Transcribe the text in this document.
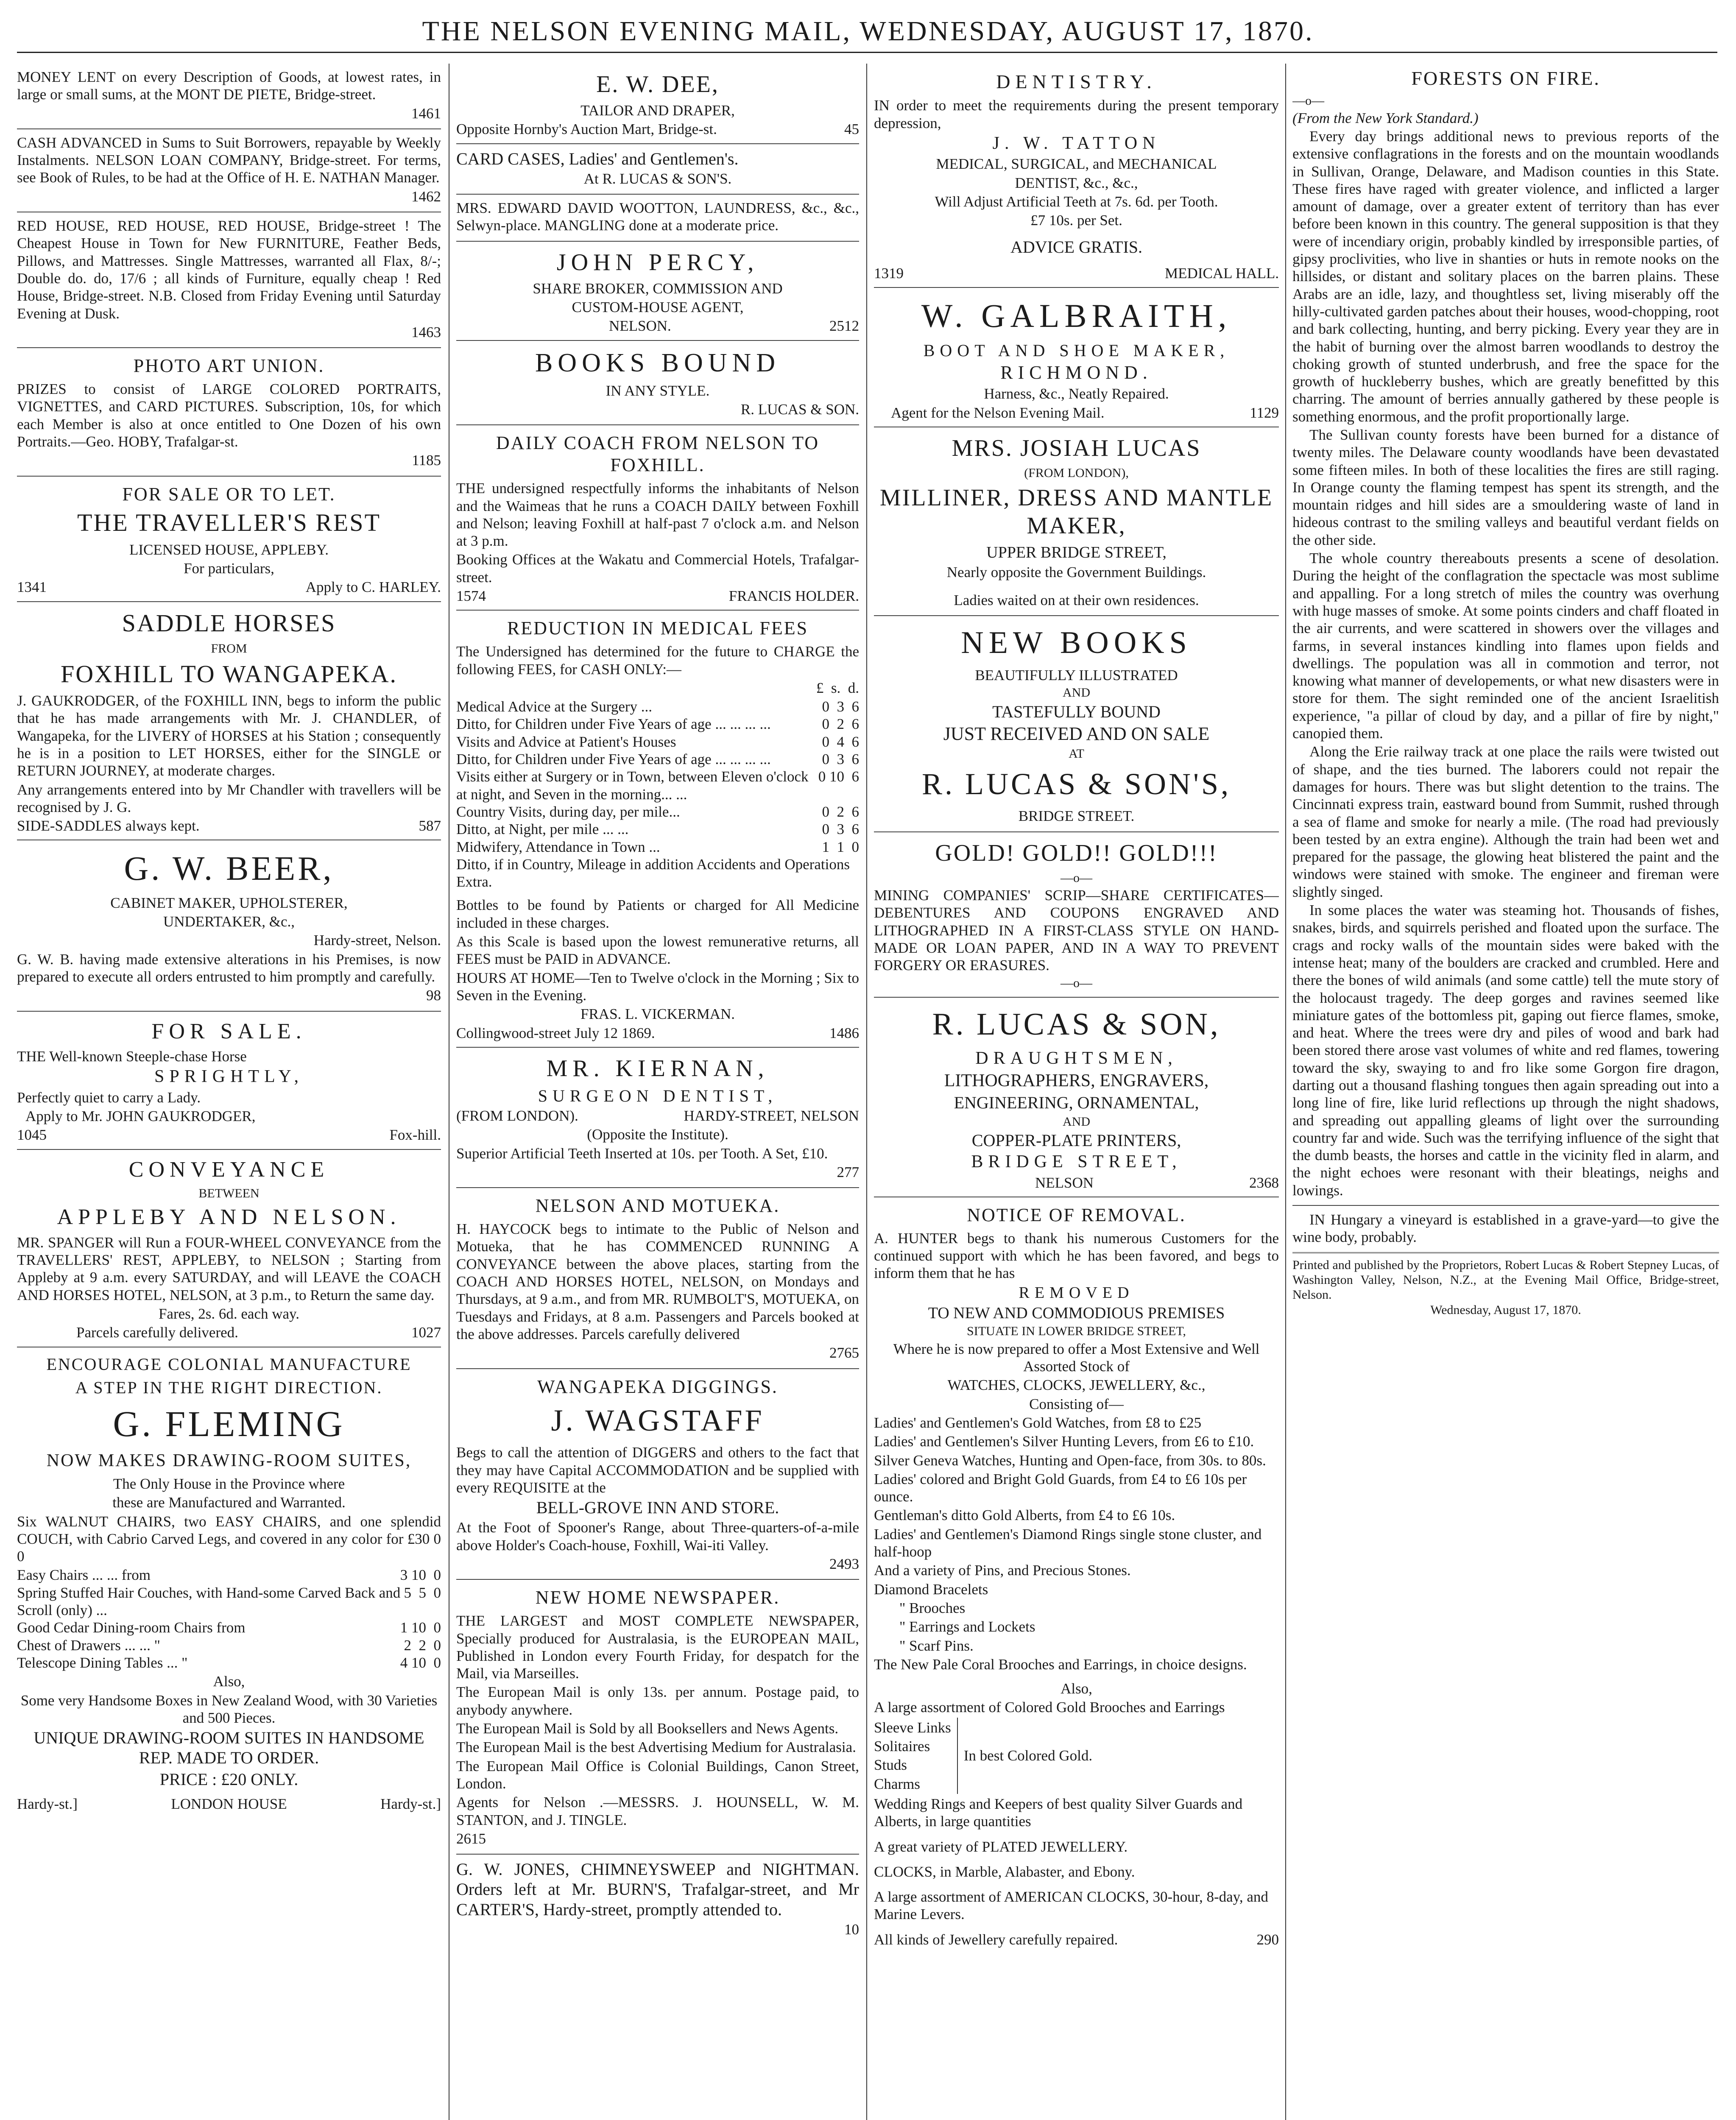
THE NELSON EVENING MAIL, WEDNESDAY, AUGUST 17, 1870.

MONEY LENT on every Description of Goods, at lowest rates, in large or small sums, at the MONT DE PIETE, Bridge-street.

1461

CASH ADVANCED in Sums to Suit Borrowers, repayable by Weekly Instalments. NELSON LOAN COMPANY, Bridge-street. For terms, see Book of Rules, to be had at the Office of H. E. NATHAN Manager.

1462

RED HOUSE, RED HOUSE, RED HOUSE, Bridge-street ! The Cheapest House in Town for New FURNITURE, Feather Beds, Pillows, and Mattresses. Single Mattresses, warranted all Flax, 8/-; Double do. do, 17/6 ; all kinds of Furniture, equally cheap ! Red House, Bridge-street. N.B. Closed from Friday Evening until Saturday Evening at Dusk.

1463

PHOTO ART UNION.

PRIZES to consist of LARGE COLORED PORTRAITS, VIGNETTES, and CARD PICTURES. Subscription, 10s, for which each Member is also at once entitled to One Dozen of his own Portraits.—Geo. HOBY, Trafalgar-st.

1185

FOR SALE OR TO LET.
THE TRAVELLER'S REST

LICENSED HOUSE, APPLEBY.

For particulars,

1341	Apply to C. HARLEY.
SADDLE HORSES

FROM

FOXHILL TO WANGAPEKA.

J. GAUKRODGER, of the FOXHILL INN, begs to inform the public that he has made arrangements with Mr. J. CHANDLER, of Wangapeka, for the LIVERY of HORSES at his Station ; consequently he is in a position to LET HORSES, either for the SINGLE or RETURN JOURNEY, at moderate charges.

Any arrangements entered into by Mr Chandler with travellers will be recognised by J. G.

SIDE-SADDLES always kept.	587
G. W. BEER,

CABINET MAKER, UPHOLSTERER,

UNDERTAKER, &c.,

Hardy-street, Nelson.

G. W. B. having made extensive alterations in his Premises, is now prepared to execute all orders entrusted to him promptly and carefully.

98

FOR SALE.

THE Well-known Steeple-chase Horse

SPRIGHTLY,

Perfectly quiet to carry a Lady.

Apply to Mr. JOHN GAUKRODGER,

1045	Fox-hill.
CONVEYANCE

BETWEEN

APPLEBY AND NELSON.

MR. SPANGER will Run a FOUR-WHEEL CONVEYANCE from the TRAVELLERS' REST, APPLEBY, to NELSON ; Starting from Appleby at 9 a.m. every SATURDAY, and will LEAVE the COACH AND HORSES HOTEL, NELSON, at 3 p.m., to Return the same day.

Fares, 2s. 6d. each way.

Parcels carefully delivered.	1027
ENCOURAGE COLONIAL MANUFACTURE
A STEP IN THE RIGHT DIRECTION.
G. FLEMING
NOW MAKES DRAWING-ROOM SUITES,

The Only House in the Province where

these are Manufactured and Warranted.

Six WALNUT CHAIRS, two EASY CHAIRS, and one splendid COUCH, with Cabrio Carved Legs, and covered in any color for £30 0 0

Easy Chairs ... ... from	3 10  0
Spring Stuffed Hair Couches, with Hand-some Carved Back and Scroll (only) ...
5  5  0
Good Cedar Dining-room Chairs from	1 10  0
Chest of Drawers ... ... "	2  2  0
Telescope Dining Tables ... "	4 10  0

Also,

Some very Handsome Boxes in New Zealand Wood, with 30 Varieties and 500 Pieces.

UNIQUE DRAWING-ROOM SUITES IN HANDSOME REP. MADE TO ORDER.

PRICE : £20 ONLY.

Hardy-st.]	LONDON HOUSE	Hardy-st.]
E. W. DEE,

TAILOR AND DRAPER,

Opposite Hornby's Auction Mart, Bridge-st.	45

CARD CASES, Ladies' and Gentlemen's.

At R. LUCAS & SON'S.

MRS. EDWARD DAVID WOOTTON, LAUNDRESS, &c., &c., Selwyn-place. MANGLING done at a moderate price.

JOHN PERCY,

SHARE BROKER, COMMISSION AND

CUSTOM-HOUSE AGENT,

NELSON.	2512
BOOKS BOUND

IN ANY STYLE.

R. LUCAS & SON.

DAILY COACH FROM NELSON TO FOXHILL.

THE undersigned respectfully informs the inhabitants of Nelson and the Waimeas that he runs a COACH DAILY between Foxhill and Nelson; leaving Foxhill at half-past 7 o'clock a.m. and Nelson at 3 p.m.

Booking Offices at the Wakatu and Commercial Hotels, Trafalgar-street.

1574	FRANCIS HOLDER.
REDUCTION IN MEDICAL FEES

The Undersigned has determined for the future to CHARGE the following FEES, for CASH ONLY:—

£  s.  d.

Medical Advice at the Surgery ...	0  3  6
Ditto, for Children under Five Years of age ... ... ... ...	0  2  6
Visits and Advice at Patient's Houses	0  4  6
Ditto, for Children under Five Years of age ... ... ... ...	0  3  6
Visits either at Surgery or in Town, between Eleven o'clock at night, and Seven in the morning... ...
0 10  6
Country Visits, during day, per mile...	0  2  6
Ditto, at Night, per mile ... ...	0  3  6
Midwifery, Attendance in Town ...	1  1  0
Ditto, if in Country, Mileage in addition Accidents and Operations Extra.

Bottles to be found by Patients or charged for All Medicine included in these charges.

As this Scale is based upon the lowest remunerative returns, all FEES must be PAID in ADVANCE.

HOURS AT HOME—Ten to Twelve o'clock in the Morning ; Six to Seven in the Evening.

FRAS. L. VICKERMAN.

Collingwood-street July 12 1869.	1486
MR. KIERNAN,

SURGEON DENTIST,

(FROM LONDON).	HARDY-STREET, NELSON

(Opposite the Institute).

Superior Artificial Teeth Inserted at 10s. per Tooth. A Set, £10.

277

NELSON AND MOTUEKA.

H. HAYCOCK begs to intimate to the Public of Nelson and Motueka, that he has COMMENCED RUNNING A CONVEYANCE between the above places, starting from the COACH AND HORSES HOTEL, NELSON, on Mondays and Thursdays, at 9 a.m., and from MR. RUMBOLT'S, MOTUEKA, on Tuesdays and Fridays, at 8 a.m. Passengers and Parcels booked at the above addresses. Parcels carefully delivered

2765

WANGAPEKA DIGGINGS.
J. WAGSTAFF

Begs to call the attention of DIGGERS and others to the fact that they may have Capital ACCOMMODATION and be supplied with every REQUISITE at the

BELL-GROVE INN AND STORE.

At the Foot of Spooner's Range, about Three-quarters-of-a-mile above Holder's Coach-house, Foxhill, Wai-iti Valley.

2493

NEW HOME NEWSPAPER.

THE LARGEST and MOST COMPLETE NEWSPAPER, Specially produced for Australasia, is the EUROPEAN MAIL, Published in London every Fourth Friday, for despatch for the Mail, via Marseilles.

The European Mail is only 13s. per annum. Postage paid, to anybody anywhere.

The European Mail is Sold by all Booksellers and News Agents.

The European Mail is the best Advertising Medium for Australasia.

The European Mail Office is Colonial Buildings, Canon Street, London.

Agents for Nelson .—MESSRS. J. HOUNSELL, W. M. STANTON, and J. TINGLE.

2615

G. W. JONES, CHIMNEYSWEEP and NIGHTMAN. Orders left at Mr. BURN'S, Trafalgar-street, and Mr CARTER'S, Hardy-street, promptly attended to.

10

DENTISTRY.

IN order to meet the requirements during the present temporary depression,

J. W. TATTON

MEDICAL, SURGICAL, and MECHANICAL

DENTIST, &c., &c.,

Will Adjust Artificial Teeth at 7s. 6d. per Tooth.

£7 10s. per Set.

ADVICE GRATIS.

1319	MEDICAL HALL.
W. GALBRAITH,

BOOT AND SHOE MAKER,

RICHMOND.

Harness, &c., Neatly Repaired.

Agent for the Nelson Evening Mail.	1129
MRS. JOSIAH LUCAS

(FROM LONDON),

MILLINER, DRESS AND MANTLE MAKER,

UPPER BRIDGE STREET,

Nearly opposite the Government Buildings.

Ladies waited on at their own residences.

NEW BOOKS

BEAUTIFULLY ILLUSTRATED

AND

TASTEFULLY BOUND

JUST RECEIVED AND ON SALE

AT

R. LUCAS & SON'S,

BRIDGE STREET.

GOLD! GOLD!! GOLD!!!

—o—

MINING COMPANIES' SCRIP—SHARE CERTIFICATES—DEBENTURES AND COUPONS ENGRAVED AND LITHOGRAPHED IN A FIRST-CLASS STYLE ON HAND-MADE OR LOAN PAPER, AND IN A WAY TO PREVENT FORGERY OR ERASURES.

—o—

R. LUCAS & SON,

DRAUGHTSMEN,

LITHOGRAPHERS, ENGRAVERS,

ENGINEERING, ORNAMENTAL,

AND

COPPER-PLATE PRINTERS,

BRIDGE STREET,

NELSON	2368
NOTICE OF REMOVAL.

A. HUNTER begs to thank his numerous Customers for the continued support with which he has been favored, and begs to inform them that he has

REMOVED

TO NEW AND COMMODIOUS PREMISES

SITUATE IN LOWER BRIDGE STREET,

Where he is now prepared to offer a Most Extensive and Well Assorted Stock of

WATCHES, CLOCKS, JEWELLERY, &c.,

Consisting of—

Ladies' and Gentlemen's Gold Watches, from £8 to £25

Ladies' and Gentlemen's Silver Hunting Levers, from £6 to £10.

Silver Geneva Watches, Hunting and Open-face, from 30s. to 80s.

Ladies' colored and Bright Gold Guards, from £4 to £6 10s per ounce.

Gentleman's ditto Gold Alberts, from £4 to £6 10s.

Ladies' and Gentlemen's Diamond Rings single stone cluster, and half-hoop

And a variety of Pins, and Precious Stones.

Diamond Bracelets

" Brooches

" Earrings and Lockets

" Scarf Pins.

The New Pale Coral Brooches and Earrings, in choice designs.

Also,

A large assortment of Colored Gold Brooches and Earrings

Sleeve Links

Solitaires

Studs

Charms

In best Colored Gold.

Wedding Rings and Keepers of best quality Silver Guards and Alberts, in large quantities

A great variety of PLATED JEWELLERY.

CLOCKS, in Marble, Alabaster, and Ebony.

A large assortment of AMERICAN CLOCKS, 30-hour, 8-day, and Marine Levers.

All kinds of Jewellery carefully repaired.	290
FORESTS ON FIRE.

—o—

(From the New York Standard.)

Every day brings additional news to previous reports of the extensive conflagrations in the forests and on the mountain woodlands in Sullivan, Orange, Delaware, and Madison counties in this State. These fires have raged with greater violence, and inflicted a larger amount of damage, over a greater extent of territory than has ever before been known in this country. The general supposition is that they were of incendiary origin, probably kindled by irresponsible parties, of gipsy proclivities, who live in shanties or huts in remote nooks on the hillsides, or distant and solitary places on the barren plains. These Arabs are an idle, lazy, and thoughtless set, living miserably off the hilly-cultivated garden patches about their houses, wood-chopping, root and bark collecting, hunting, and berry picking. Every year they are in the habit of burning over the almost barren woodlands to destroy the choking growth of stunted underbrush, and free the space for the growth of huckleberry bushes, which are greatly benefitted by this charring. The amount of berries annually gathered by these people is something enormous, and the profit proportionally large.

The Sullivan county forests have been burned for a distance of twenty miles. The Delaware county woodlands have been devastated some fifteen miles. In both of these localities the fires are still raging. In Orange county the flaming tempest has spent its strength, and the mountain ridges and hill sides are a smouldering waste of land in hideous contrast to the smiling valleys and beautiful verdant fields on the other side.

The whole country thereabouts presents a scene of desolation. During the height of the conflagration the spectacle was most sublime and appalling. For a long stretch of miles the country was overhung with huge masses of smoke. At some points cinders and chaff floated in the air currents, and were scattered in showers over the villages and farms, in several instances kindling into flames upon fields and dwellings. The population was all in commotion and terror, not knowing what manner of developements, or what new disasters were in store for them. The sight reminded one of the ancient Israelitish experience, "a pillar of cloud by day, and a pillar of fire by night," canopied them.

Along the Erie railway track at one place the rails were twisted out of shape, and the ties burned. The laborers could not repair the damages for hours. There was but slight detention to the trains. The Cincinnati express train, eastward bound from Summit, rushed through a sea of flame and smoke for nearly a mile. (The road had previously been tested by an extra engine). Although the train had been wet and prepared for the passage, the glowing heat blistered the paint and the windows were stained with smoke. The engineer and fireman were slightly singed.

In some places the water was steaming hot. Thousands of fishes, snakes, birds, and squirrels perished and floated upon the surface. The crags and rocky walls of the mountain sides were baked with the intense heat; many of the boulders are cracked and crumbled. Here and there the bones of wild animals (and some cattle) tell the mute story of the holocaust tragedy. The deep gorges and ravines seemed like miniature gates of the bottomless pit, gaping out fierce flames, smoke, and heat. Where the trees were dry and piles of wood and bark had been stored there arose vast volumes of white and red flames, towering toward the sky, swaying to and fro like some Gorgon fire dragon, darting out a thousand flashing tongues then again spreading out into a long line of fire, like lurid reflections up through the night shadows, and spreading out appalling gleams of light over the surrounding country far and wide. Such was the terrifying influence of the sight that the dumb beasts, the horses and cattle in the vicinity fled in alarm, and the night echoes were resonant with their bleatings, neighs and lowings.

IN Hungary a vineyard is established in a grave-yard—to give the wine body, probably.

Printed and published by the Proprietors, Robert Lucas & Robert Stepney Lucas, of Washington Valley, Nelson, N.Z., at the Evening Mail Office, Bridge-street, Nelson.

Wednesday, August 17, 1870.
